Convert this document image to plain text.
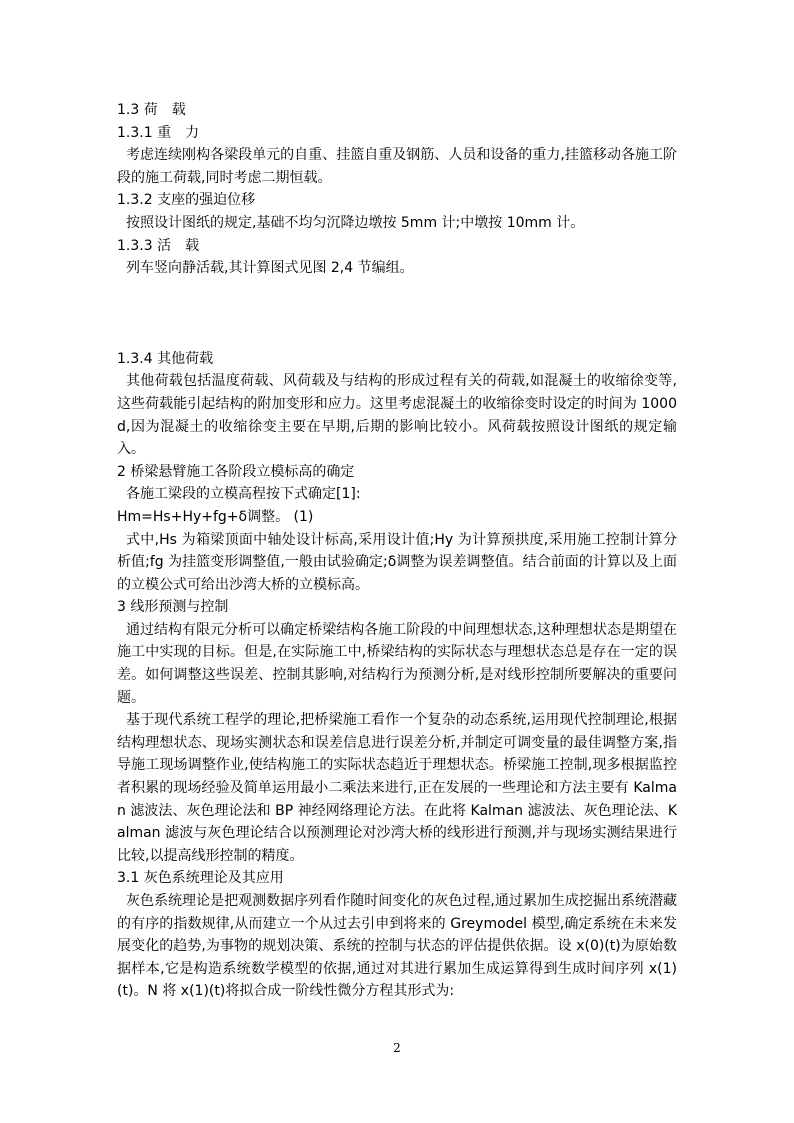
1.3 荷　载
1.3.1 重　力
考虑连续刚构各梁段单元的自重、挂篮自重及钢筋、人员和设备的重力,挂篮移动各施工阶段的施工荷载,同时考虑二期恒载。
1.3.2 支座的强迫位移
按照设计图纸的规定,基础不均匀沉降边墩按 5mm 计;中墩按 10mm 计。
1.3.3 活　载
列车竖向静活载,其计算图式见图 2,4 节编组。
1.3.4 其他荷载
其他荷载包括温度荷载、风荷载及与结构的形成过程有关的荷载,如混凝土的收缩徐变等,这些荷载能引起结构的附加变形和应力。这里考虑混凝土的收缩徐变时设定的时间为 1000d,因为混凝土的收缩徐变主要在早期,后期的影响比较小。风荷载按照设计图纸的规定输入。
2 桥梁悬臂施工各阶段立模标高的确定
各施工梁段的立模高程按下式确定[1]:
Hm=Hs+Hy+fg+δ调整。 (1)
式中,Hs 为箱梁顶面中轴处设计标高,采用设计值;Hy 为计算预拱度,采用施工控制计算分析值;fg 为挂篮变形调整值,一般由试验确定;δ调整为误差调整值。结合前面的计算以及上面的立模公式可给出沙湾大桥的立模标高。
3 线形预测与控制
通过结构有限元分析可以确定桥梁结构各施工阶段的中间理想状态,这种理想状态是期望在施工中实现的目标。但是,在实际施工中,桥梁结构的实际状态与理想状态总是存在一定的误差。如何调整这些误差、控制其影响,对结构行为预测分析,是对线形控制所要解决的重要问题。
基于现代系统工程学的理论,把桥梁施工看作一个复杂的动态系统,运用现代控制理论,根据结构理想状态、现场实测状态和误差信息进行误差分析,并制定可调变量的最佳调整方案,指导施工现场调整作业,使结构施工的实际状态趋近于理想状态。桥梁施工控制,现多根据监控者积累的现场经验及简单运用最小二乘法来进行,正在发展的一些理论和方法主要有 Kalman 滤波法、灰色理论法和 BP 神经网络理论方法。在此将 Kalman 滤波法、灰色理论法、Kalman 滤波与灰色理论结合以预测理论对沙湾大桥的线形进行预测,并与现场实测结果进行比较,以提高线形控制的精度。
3.1 灰色系统理论及其应用
灰色系统理论是把观测数据序列看作随时间变化的灰色过程,通过累加生成挖掘出系统潜藏的有序的指数规律,从而建立一个从过去引申到将来的 Greymodel 模型,确定系统在未来发展变化的趋势,为事物的规划决策、系统的控制与状态的评估提供依据。设 x(0)(t)为原始数据样本,它是构造系统数学模型的依据,通过对其进行累加生成运算得到生成时间序列 x(1)(t)。N 将 x(1)(t)将拟合成一阶线性微分方程其形式为:
2
